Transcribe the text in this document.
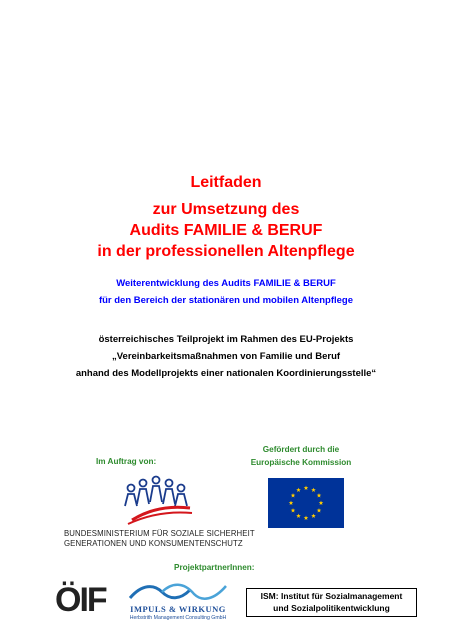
Leitfaden
zur Umsetzung des
Audits FAMILIE & BERUF
in der professionellen Altenpflege
Weiterentwicklung des Audits FAMILIE & BERUF
für den Bereich der stationären und mobilen Altenpflege
österreichisches Teilprojekt im Rahmen des EU-Projekts
„Vereinbarkeitsmaßnahmen von Familie und Beruf
anhand des Modellprojekts einer nationalen Koordinierungsstelle“
Im Auftrag von:
Gefördert durch die
Europäische Kommission
BUNDESMINISTERIUM FÜR SOZIALE SICHERHEIT
GENERATIONEN UND KONSUMENTENSCHUTZ
ProjektpartnerInnen:
ÖIF	IMPULS & WIRKUNG
Herbstrith Management Consulting GmbH
ISM: Institut für Sozialmanagement
und Sozialpolitikentwicklung
